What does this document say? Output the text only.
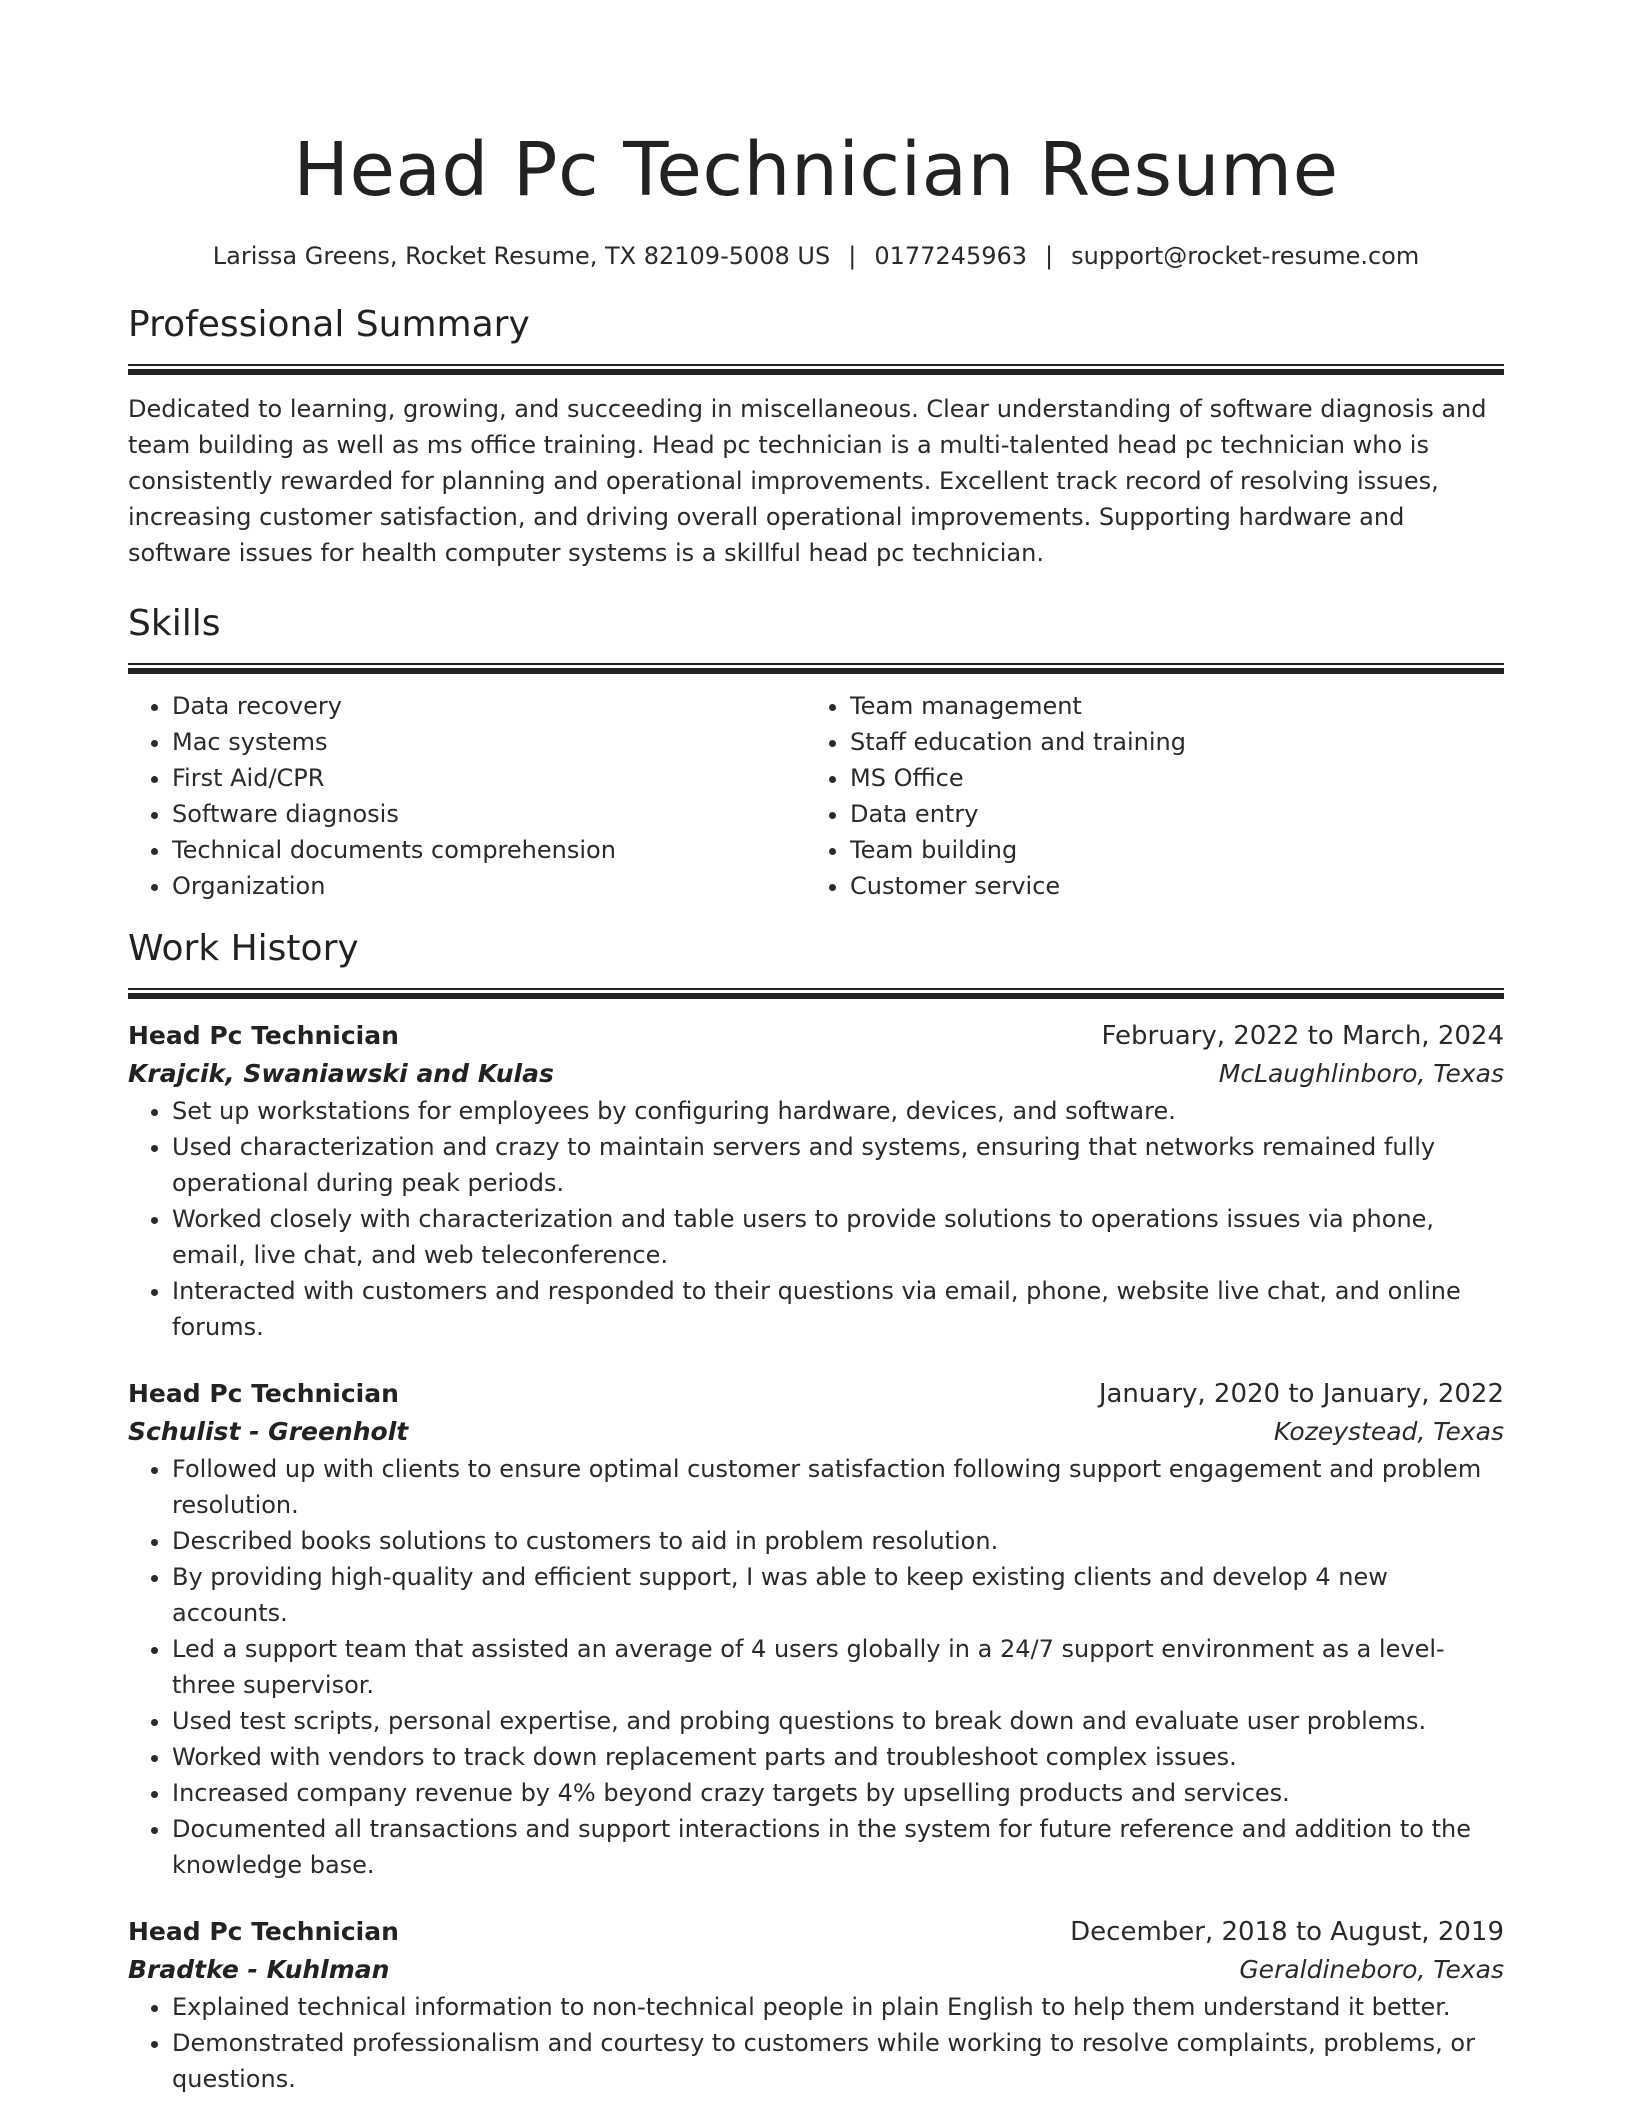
Head Pc Technician Resume
Larissa Greens, Rocket Resume, TX 82109-5008 US | 0177245963 | support@rocket-resume.com
Professional Summary

Dedicated to learning, growing, and succeeding in miscellaneous. Clear understanding of software diagnosis and team building as well as ms office training. Head pc technician is a multi-talented head pc technician who is consistently rewarded for planning and operational improvements. Excellent track record of resolving issues, increasing customer satisfaction, and driving overall operational improvements. Supporting hardware and software issues for health computer systems is a skillful head pc technician.

Skills
• Data recovery
• Mac systems
• First Aid/CPR
• Software diagnosis
• Technical documents comprehension
• Organization
• Team management
• Staff education and training
• MS Office
• Data entry
• Team building
• Customer service
Work History
Head Pc Technician	February, 2022 to March, 2024
Krajcik, Swaniawski and Kulas	McLaughlinboro, Texas
• Set up workstations for employees by configuring hardware, devices, and software.
• Used characterization and crazy to maintain servers and systems, ensuring that networks remained fully operational during peak periods.
• Worked closely with characterization and table users to provide solutions to operations issues via phone, email, live chat, and web teleconference.
• Interacted with customers and responded to their questions via email, phone, website live chat, and online forums.
Head Pc Technician	January, 2020 to January, 2022
Schulist - Greenholt	Kozeystead, Texas
• Followed up with clients to ensure optimal customer satisfaction following support engagement and problem resolution.
• Described books solutions to customers to aid in problem resolution.
• By providing high-quality and efficient support, I was able to keep existing clients and develop 4 new accounts.
• Led a support team that assisted an average of 4 users globally in a 24/7 support environment as a level-three supervisor.
• Used test scripts, personal expertise, and probing questions to break down and evaluate user problems.
• Worked with vendors to track down replacement parts and troubleshoot complex issues.
• Increased company revenue by 4% beyond crazy targets by upselling products and services.
• Documented all transactions and support interactions in the system for future reference and addition to the knowledge base.
Head Pc Technician	December, 2018 to August, 2019
Bradtke - Kuhlman	Geraldineboro, Texas
• Explained technical information to non-technical people in plain English to help them understand it better.
• Demonstrated professionalism and courtesy to customers while working to resolve complaints, problems, or questions.
